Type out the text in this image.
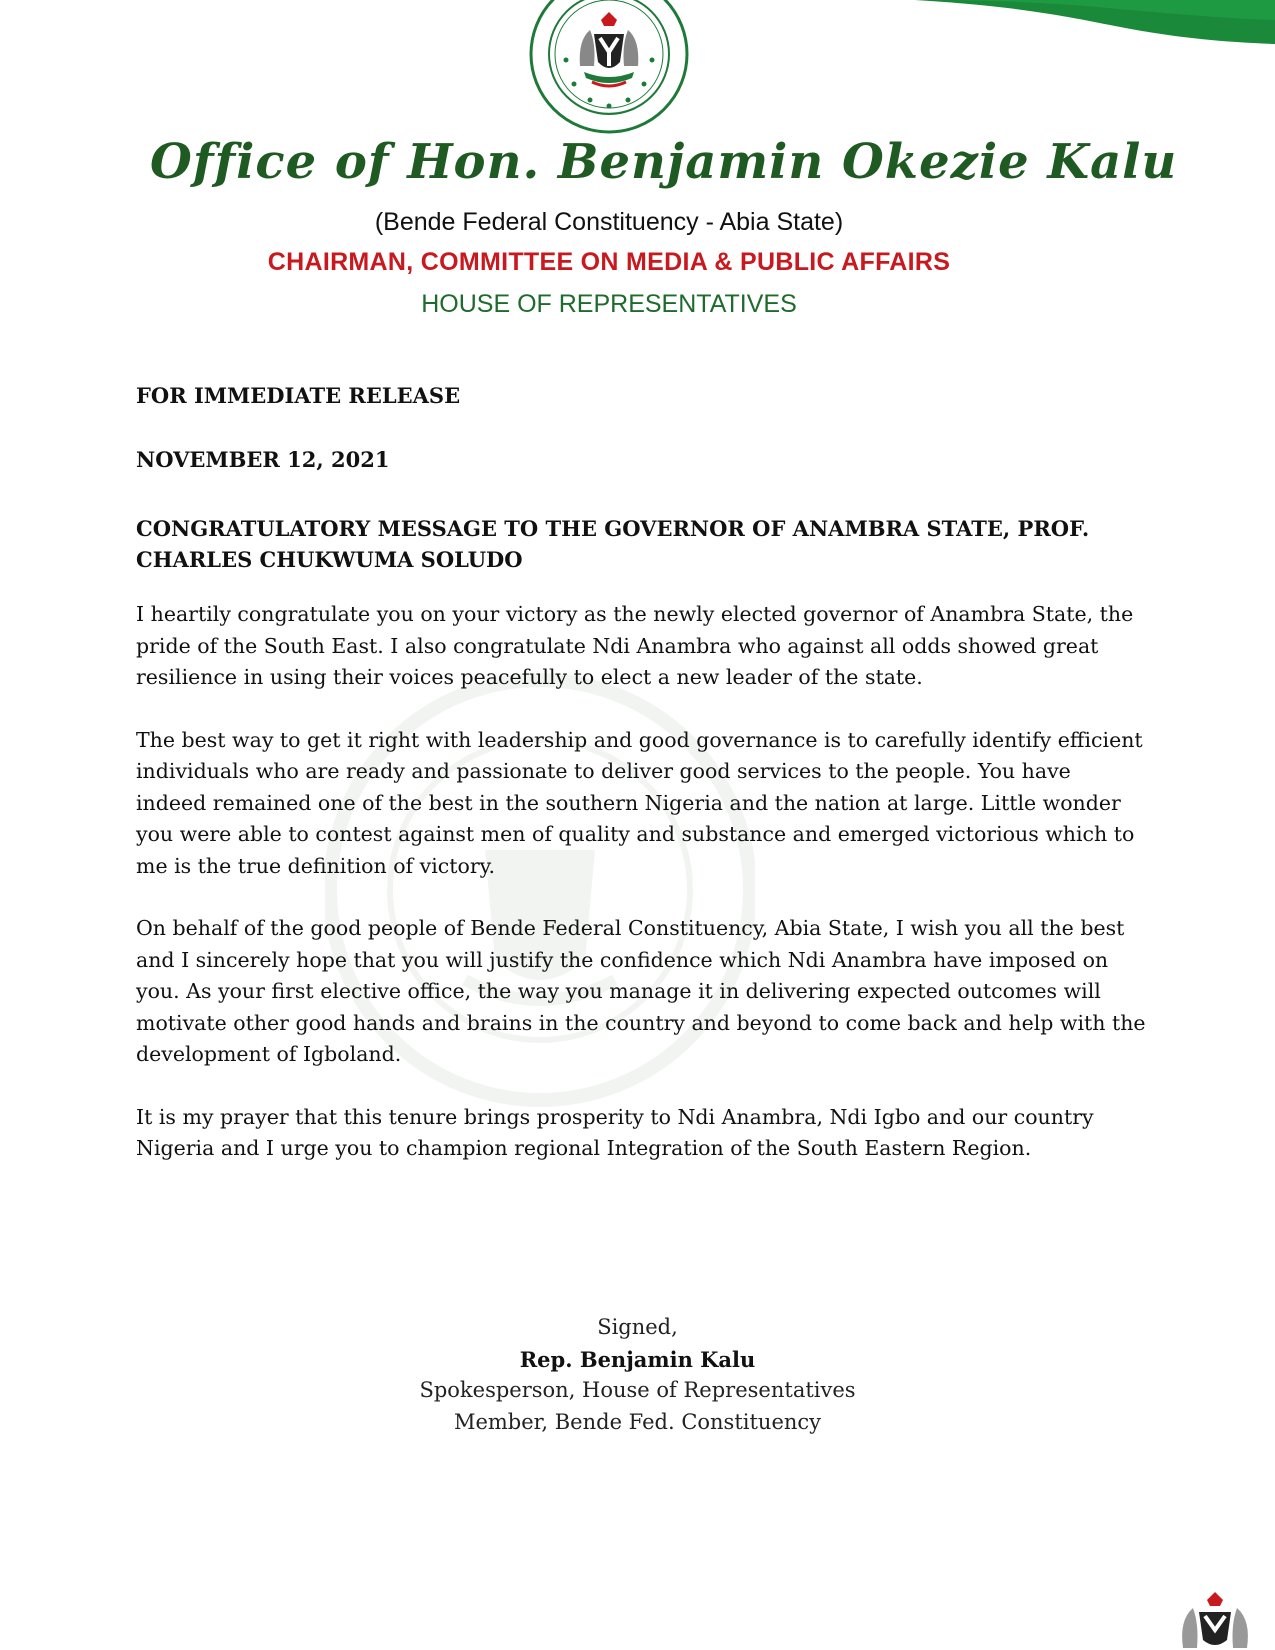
Office of Hon. Benjamin Okezie Kalu
(Bende Federal Constituency - Abia State)
CHAIRMAN, COMMITTEE ON MEDIA & PUBLIC AFFAIRS
HOUSE OF REPRESENTATIVES

FOR IMMEDIATE RELEASE

NOVEMBER 12, 2021

CONGRATULATORY MESSAGE TO THE GOVERNOR OF ANAMBRA STATE, PROF. CHARLES CHUKWUMA SOLUDO

I heartily congratulate you on your victory as the newly elected governor of Anambra State, the pride of the South East. I also congratulate Ndi Anambra who against all odds showed great resilience in using their voices peacefully to elect a new leader of the state.

The best way to get it right with leadership and good governance is to carefully identify efficient individuals who are ready and passionate to deliver good services to the people. You have indeed remained one of the best in the southern Nigeria and the nation at large. Little wonder you were able to contest against men of quality and substance and emerged victorious which to me is the true definition of victory.

On behalf of the good people of Bende Federal Constituency, Abia State, I wish you all the best and I sincerely hope that you will justify the confidence which Ndi Anambra have imposed on you. As your first elective office, the way you manage it in delivering expected outcomes will motivate other good hands and brains in the country and beyond to come back and help with the development of Igboland.

It is my prayer that this tenure brings prosperity to Ndi Anambra, Ndi Igbo and our country Nigeria and I urge you to champion regional Integration of the South Eastern Region.

Signed,
Rep. Benjamin Kalu
Spokesperson, House of Representatives
Member, Bende Fed. Constituency
